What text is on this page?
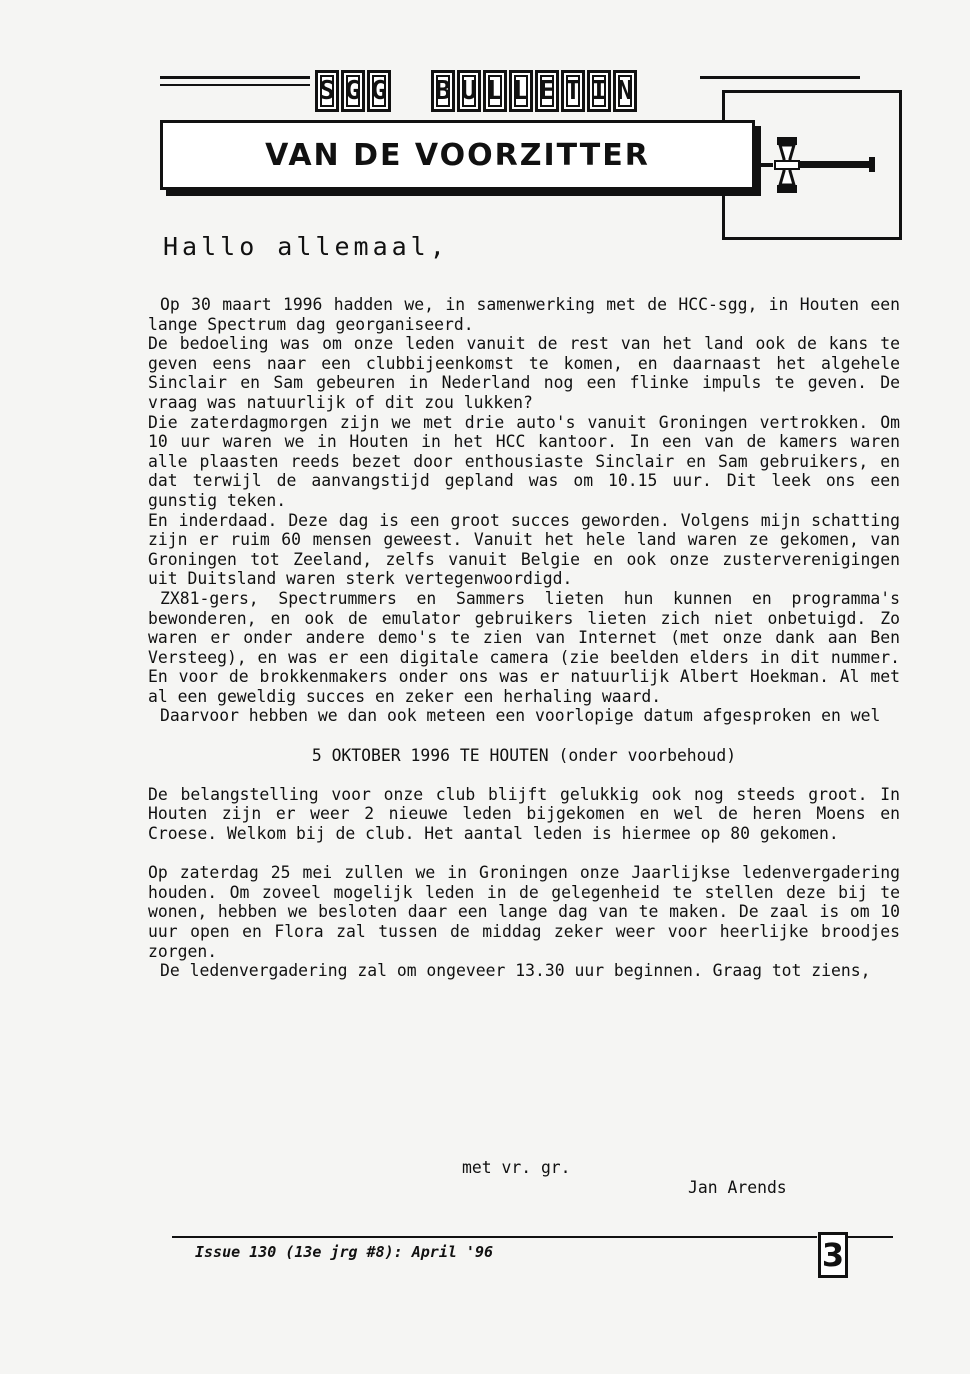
S G G B U L L E T I N
VAN DE VOORZITTER
Hallo allemaal,
Op 30 maart 1996 hadden we, in samenwerking met de HCC-sgg, in Houten een lange Spectrum dag georganiseerd.
De bedoeling was om onze leden vanuit de rest van het land ook de kans te geven eens naar een clubbijeenkomst te komen, en daarnaast het algehele Sinclair en Sam gebeuren in Nederland nog een flinke impuls te geven. De vraag was natuurlijk of dit zou lukken?
Die zaterdagmorgen zijn we met drie auto's vanuit Groningen vertrokken. Om 10 uur waren we in Houten in het HCC kantoor. In een van de kamers waren alle plaasten reeds bezet door enthousiaste Sinclair en Sam gebruikers, en dat terwijl de aanvangstijd gepland was om 10.15 uur. Dit leek ons een gunstig teken.
En inderdaad. Deze dag is een groot succes geworden. Volgens mijn schatting zijn er ruim 60 mensen geweest. Vanuit het hele land waren ze gekomen, van Groningen tot Zeeland, zelfs vanuit Belgie en ook onze zusterverenigingen uit Duitsland waren sterk vertegenwoordigd.
ZX81-gers, Spectrummers en Sammers lieten hun kunnen en programma's bewonderen, en ook de emulator gebruikers lieten zich niet onbetuigd. Zo waren er onder andere demo's te zien van Internet (met onze dank aan Ben Versteeg), en was er een digitale camera (zie beelden elders in dit nummer. En voor de brokkenmakers onder ons was er natuurlijk Albert Hoekman. Al met al een geweldig succes en zeker een herhaling waard.
Daarvoor hebben we dan ook meteen een voorlopige datum afgesproken en wel
5 OKTOBER 1996 TE HOUTEN (onder voorbehoud)
De belangstelling voor onze club blijft gelukkig ook nog steeds groot. In Houten zijn er weer 2 nieuwe leden bijgekomen en wel de heren Moens en Croese. Welkom bij de club. Het aantal leden is hiermee op 80 gekomen.
Op zaterdag 25 mei zullen we in Groningen onze Jaarlijkse ledenvergadering houden. Om zoveel mogelijk leden in de gelegenheid te stellen deze bij te wonen, hebben we besloten daar een lange dag van te maken. De zaal is om 10 uur open en Flora zal tussen de middag zeker weer voor heerlijke broodjes zorgen.
De ledenvergadering zal om ongeveer 13.30 uur beginnen. Graag tot ziens,
met vr. gr.
Jan Arends
Issue 130 (13e jrg #8): April '96	3
